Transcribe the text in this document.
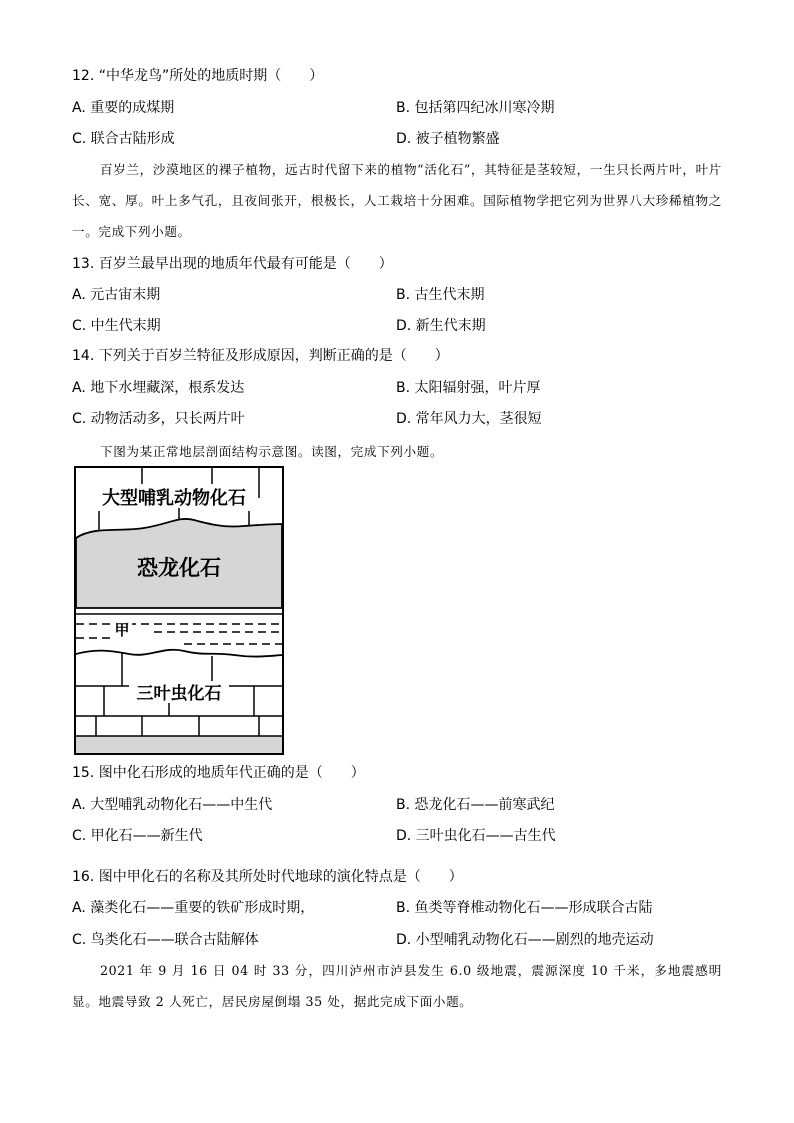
12. “中华龙鸟”所处的地质时期（　　）
A. 重要的成煤期	B. 包括第四纪冰川寒冷期
C. 联合古陆形成	D. 被子植物繁盛
百岁兰，沙漠地区的裸子植物，远古时代留下来的植物“活化石”，其特征是茎较短，一生只长两片叶，叶片长、宽、厚。叶上多气孔，且夜间张开，根极长，人工栽培十分困难。国际植物学把它列为世界八大珍稀植物之一。完成下列小题。
13. 百岁兰最早出现的地质年代最有可能是（　　）
A. 元古宙末期	B. 古生代末期
C. 中生代末期	D. 新生代末期
14. 下列关于百岁兰特征及形成原因，判断正确的是（　　）
A. 地下水埋藏深，根系发达	B. 太阳辐射强，叶片厚
C. 动物活动多，只长两片叶	D. 常年风力大，茎很短
下图为某正常地层剖面结构示意图。读图，完成下列小题。
大型哺乳动物化石
恐龙化石
甲
三叶虫化石
15. 图中化石形成的地质年代正确的是（　　）
A. 大型哺乳动物化石——中生代	B. 恐龙化石——前寒武纪
C. 甲化石——新生代	D. 三叶虫化石——古生代
16. 图中甲化石的名称及其所处时代地球的演化特点是（　　）
A. 藻类化石——重要的铁矿形成时期，	B. 鱼类等脊椎动物化石——形成联合古陆
C. 鸟类化石——联合古陆解体	D. 小型哺乳动物化石——剧烈的地壳运动
2021 年 9 月 16 日 04 时 33 分，四川泸州市泸县发生 6.0 级地震，震源深度 10 千米，多地震感明显。地震导致 2 人死亡，居民房屋倒塌 35 处，据此完成下面小题。
